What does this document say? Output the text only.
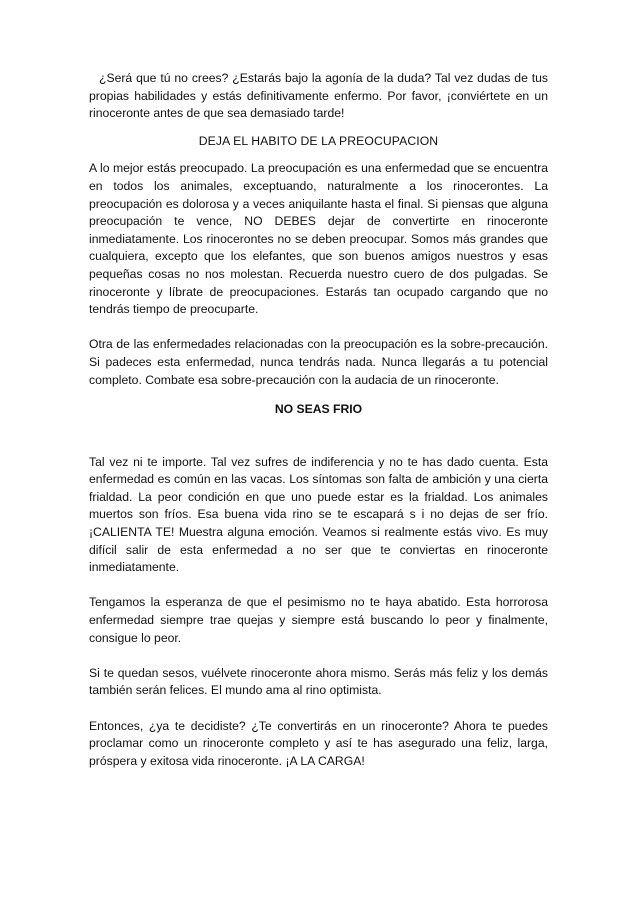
¿Será que tú no crees? ¿Estarás bajo la agonía de la duda? Tal vez dudas de tus propias habilidades y estás definitivamente enfermo. Por favor, ¡conviértete en un rinoceronte antes de que sea demasiado tarde!

DEJA EL HABITO DE LA PREOCUPACION

A lo mejor estás preocupado. La preocupación es una enfermedad que se encuentra en todos los animales, exceptuando, naturalmente a los rinocerontes. La preocupación es dolorosa y a veces aniquilante hasta el final. Si piensas que alguna preocupación te vence, NO DEBES dejar de convertirte en rinoceronte inmediatamente. Los rinocerontes no se deben preocupar. Somos más grandes que cualquiera, excepto que los elefantes, que son buenos amigos nuestros y esas pequeñas cosas no nos molestan. Recuerda nuestro cuero de dos pulgadas. Se rinoceronte y líbrate de preocupaciones. Estarás tan ocupado cargando que no tendrás tiempo de preocuparte.

Otra de las enfermedades relacionadas con la preocupación es la sobre-precaución. Si padeces esta enfermedad, nunca tendrás nada. Nunca llegarás a tu potencial completo. Combate esa sobre-precaución con la audacia de un rinoceronte.

NO SEAS FRIO

Tal vez ni te importe. Tal vez sufres de indiferencia y no te has dado cuenta. Esta enfermedad es común en las vacas. Los síntomas son falta de ambición y una cierta frialdad. La peor condición en que uno puede estar es la frialdad. Los animales muertos son fríos. Esa buena vida rino se te escapará s i no dejas de ser frío. ¡CALIENTA TE! Muestra alguna emoción. Veamos si realmente estás vivo. Es muy difícil salir de esta enfermedad a no ser que te conviertas en rinoceronte inmediatamente.

Tengamos la esperanza de que el pesimismo no te haya abatido. Esta horrorosa enfermedad siempre trae quejas y siempre está buscando lo peor y finalmente, consigue lo peor.

Si te quedan sesos, vuélvete rinoceronte ahora mismo. Serás más feliz y los demás también serán felices. El mundo ama al rino optimista.

Entonces, ¿ya te decidiste? ¿Te convertirás en un rinoceronte? Ahora te puedes proclamar como un rinoceronte completo y así te has asegurado una feliz, larga, próspera y exitosa vida rinoceronte. ¡A LA CARGA!
